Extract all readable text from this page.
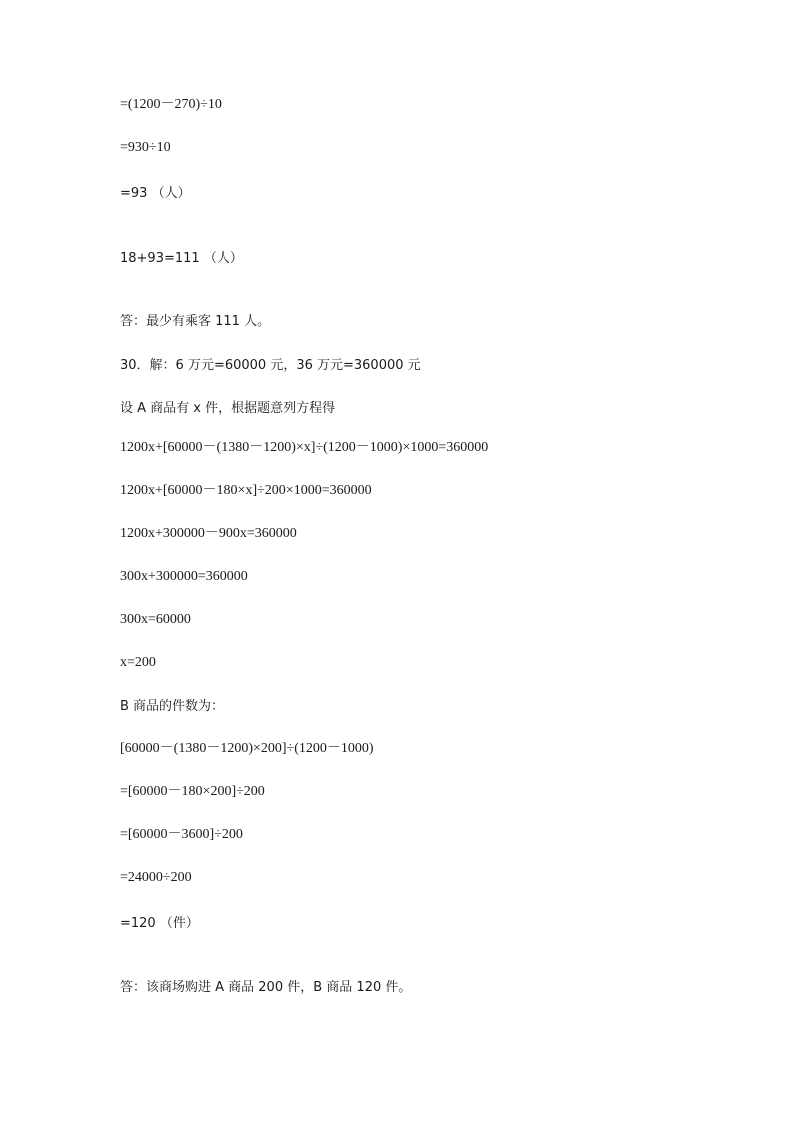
=(1200－270)÷10
=930÷10
=93 （人）
18+93=111 （人）
答：最少有乘客 111 人。
30．解：6 万元=60000 元，36 万元=360000 元
设 A 商品有 x 件，根据题意列方程得
1200x+[60000－(1380－1200)×x]÷(1200－1000)×1000=360000
1200x+[60000－180×x]÷200×1000=360000
1200x+300000－900x=360000
300x+300000=360000
300x=60000
x=200
B 商品的件数为：
[60000－(1380－1200)×200]÷(1200－1000)
=[60000－180×200]÷200
=[60000－3600]÷200
=24000÷200
=120 （件）
答：该商场购进 A 商品 200 件，B 商品 120 件。
